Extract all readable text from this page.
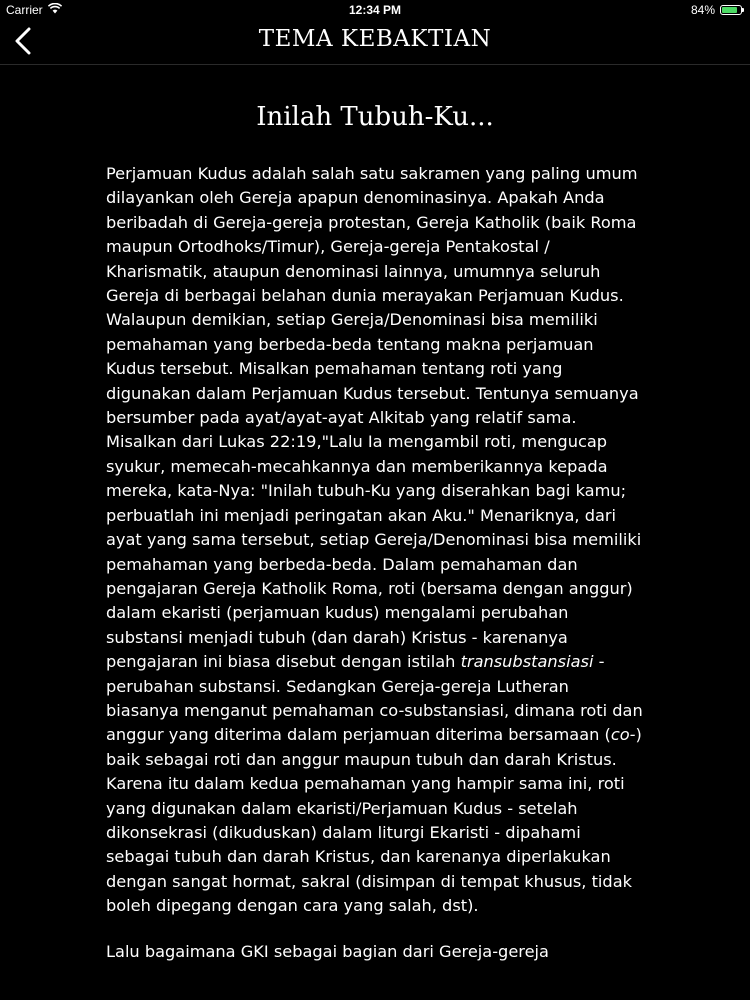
Carrier	12:34 PM	84%
TEMA KEBAKTIAN
Inilah Tubuh-Ku...

Perjamuan Kudus adalah salah satu sakramen yang paling umum dilayankan oleh Gereja apapun denominasinya. Apakah Anda beribadah di Gereja-gereja protestan, Gereja Katholik (baik Roma maupun Ortodhoks/Timur), Gereja-gereja Pentakostal / Kharismatik, ataupun denominasi lainnya, umumnya seluruh Gereja di berbagai belahan dunia merayakan Perjamuan Kudus. Walaupun demikian, setiap Gereja/Denominasi bisa memiliki pemahaman yang berbeda-beda tentang makna perjamuan Kudus tersebut. Misalkan pemahaman tentang roti yang digunakan dalam Perjamuan Kudus tersebut. Tentunya semuanya bersumber pada ayat/ayat-ayat Alkitab yang relatif sama. Misalkan dari Lukas 22:19,"Lalu Ia mengambil roti, mengucap syukur, memecah-mecahkannya dan memberikannya kepada mereka, kata-Nya: "Inilah tubuh-Ku yang diserahkan bagi kamu; perbuatlah ini menjadi peringatan akan Aku." Menariknya, dari ayat yang sama tersebut, setiap Gereja/Denominasi bisa memiliki pemahaman yang berbeda-beda. Dalam pemahaman dan pengajaran Gereja Katholik Roma, roti (bersama dengan anggur) dalam ekaristi (perjamuan kudus) mengalami perubahan substansi menjadi tubuh (dan darah) Kristus - karenanya pengajaran ini biasa disebut dengan istilah transubstansiasi - perubahan substansi. Sedangkan Gereja-gereja Lutheran biasanya menganut pemahaman co-substansiasi, dimana roti dan anggur yang diterima dalam perjamuan diterima bersamaan (co-) baik sebagai roti dan anggur maupun tubuh dan darah Kristus. Karena itu dalam kedua pemahaman yang hampir sama ini, roti yang digunakan dalam ekaristi/Perjamuan Kudus - setelah dikonsekrasi (dikuduskan) dalam liturgi Ekaristi - dipahami sebagai tubuh dan darah Kristus, dan karenanya diperlakukan dengan sangat hormat, sakral (disimpan di tempat khusus, tidak boleh dipegang dengan cara yang salah, dst).

Lalu bagaimana GKI sebagai bagian dari Gereja-gereja
